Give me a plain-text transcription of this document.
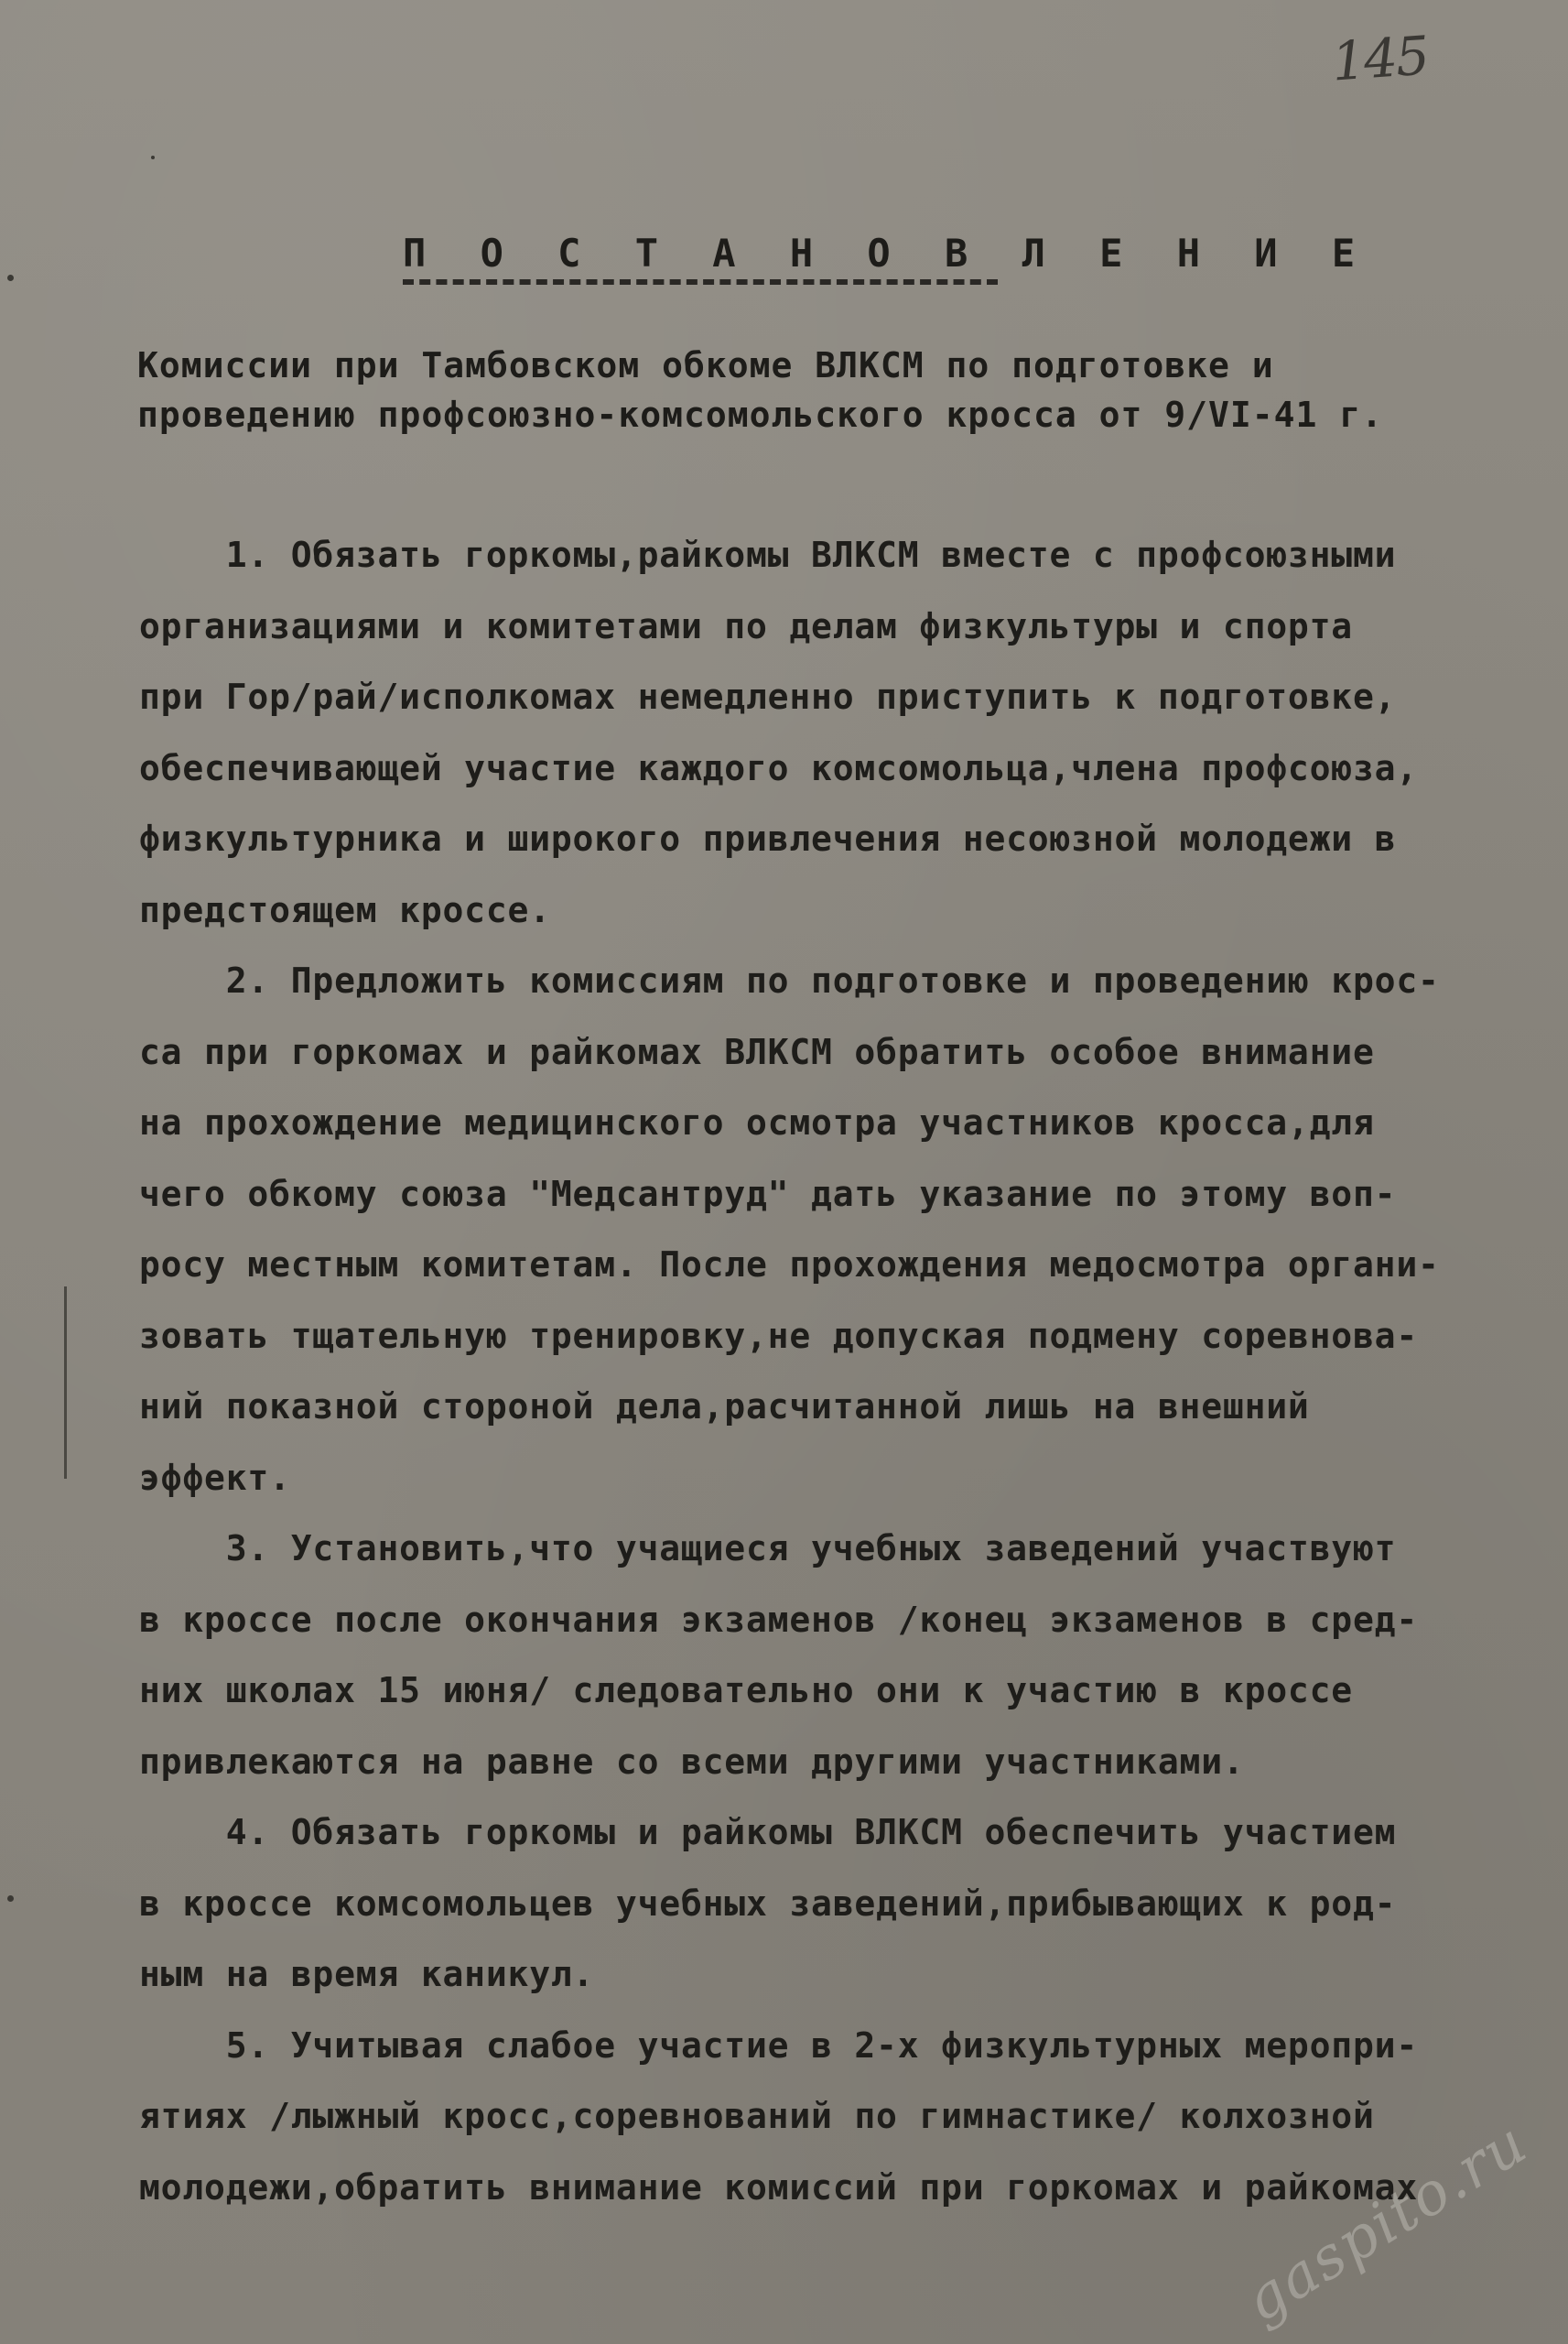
145
П О С Т А Н О В Л Е Н И Е
Комиссии при Тамбовском обкоме ВЛКСМ по подготовке и
проведению профсоюзно-комсомольского кросса от 9/VI-41 г.
1. Обязать горкомы,райкомы ВЛКСМ вместе с профсоюзными
организациями и комитетами по делам физкультуры и спорта
при Гор/рай/исполкомах немедленно приступить к подготовке,
обеспечивающей участие каждого комсомольца,члена профсоюза,
физкультурника и широкого привлечения несоюзной молодежи в
предстоящем кроссе.
2. Предложить комиссиям по подготовке и проведению крос-
са при горкомах и райкомах ВЛКСМ обратить особое внимание
на прохождение медицинского осмотра участников кросса,для
чего обкому союза "Медсантруд" дать указание по этому воп-
росу местным комитетам. После прохождения медосмотра органи-
зовать тщательную тренировку,не допуская подмену соревнова-
ний показной стороной дела,расчитанной лишь на внешний
эффект.
3. Установить,что учащиеся учебных заведений участвуют
в кроссе после окончания экзаменов /конец экзаменов в сред-
них школах 15 июня/ следовательно они к участию в кроссе
привлекаются на равне со всеми другими участниками.
4. Обязать горкомы и райкомы ВЛКСМ обеспечить участием
в кроссе комсомольцев учебных заведений,прибывающих к род-
ным на время каникул.
5. Учитывая слабое участие в 2-х физкультурных меропри-
ятиях /лыжный кросс,соревнований по гимнастике/ колхозной
молодежи,обратить внимание комиссий при горкомах и райкомах
gaspito.ru
